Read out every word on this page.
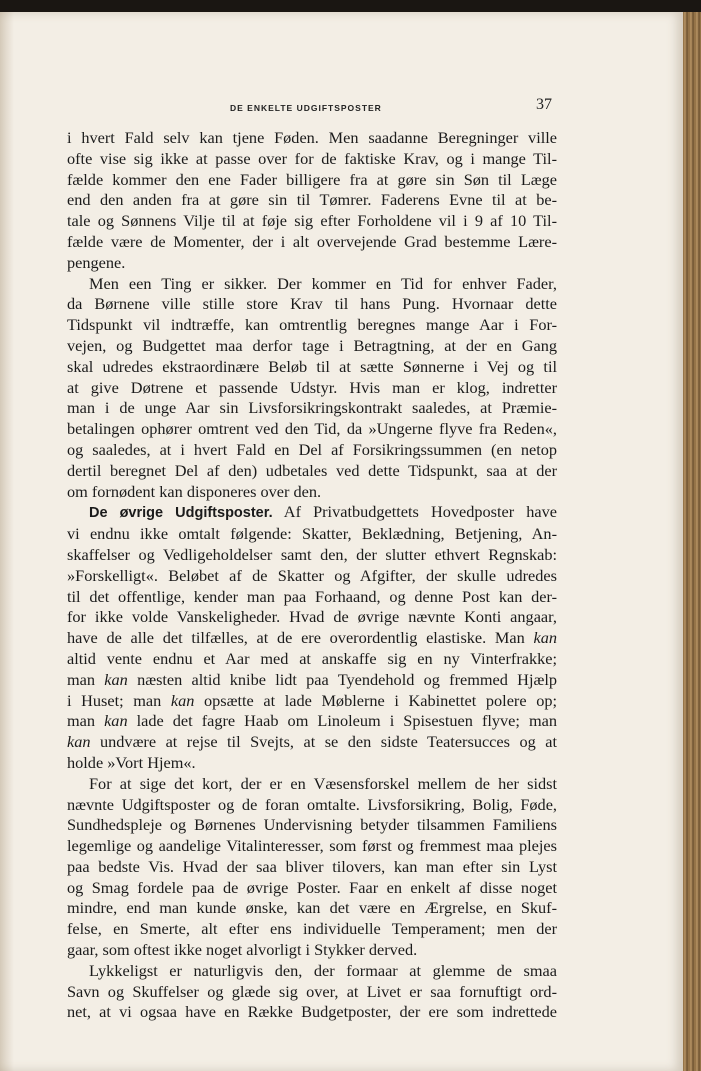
DE ENKELTE UDGIFTSPOSTER	37

i hvert Fald selv kan tjene Føden. Men saadanne Beregninger ville
ofte vise sig ikke at passe over for de faktiske Krav, og i mange Til-
fælde kommer den ene Fader billigere fra at gøre sin Søn til Læge
end den anden fra at gøre sin til Tømrer. Faderens Evne til at be-
tale og Sønnens Vilje til at føje sig efter Forholdene vil i 9 af 10 Til-
fælde være de Momenter, der i alt overvejende Grad bestemme Lære-
pengene.

Men een Ting er sikker. Der kommer en Tid for enhver Fader,
da Børnene ville stille store Krav til hans Pung. Hvornaar dette
Tidspunkt vil indtræffe, kan omtrentlig beregnes mange Aar i For-
vejen, og Budgettet maa derfor tage i Betragtning, at der en Gang
skal udredes ekstraordinære Beløb til at sætte Sønnerne i Vej og til
at give Døtrene et passende Udstyr. Hvis man er klog, indretter
man i de unge Aar sin Livsforsikringskontrakt saaledes, at Præmie-
betalingen ophører omtrent ved den Tid, da »Ungerne flyve fra Reden«,
og saaledes, at i hvert Fald en Del af Forsikringssummen (en netop
dertil beregnet Del af den) udbetales ved dette Tidspunkt, saa at der
om fornødent kan disponeres over den.

De øvrige Udgiftsposter. Af Privatbudgettets Hovedposter have
vi endnu ikke omtalt følgende: Skatter, Beklædning, Betjening, An-
skaffelser og Vedligeholdelser samt den, der slutter ethvert Regnskab:
»Forskelligt«. Beløbet af de Skatter og Afgifter, der skulle udredes
til det offentlige, kender man paa Forhaand, og denne Post kan der-
for ikke volde Vanskeligheder. Hvad de øvrige nævnte Konti angaar,
have de alle det tilfælles, at de ere overordentlig elastiske. Man kan
altid vente endnu et Aar med at anskaffe sig en ny Vinterfrakke;
man kan næsten altid knibe lidt paa Tyendehold og fremmed Hjælp
i Huset; man kan opsætte at lade Møblerne i Kabinettet polere op;
man kan lade det fagre Haab om Linoleum i Spisestuen flyve; man
kan undvære at rejse til Svejts, at se den sidste Teatersucces og at
holde »Vort Hjem«.

For at sige det kort, der er en Væsensforskel mellem de her sidst
nævnte Udgiftsposter og de foran omtalte. Livsforsikring, Bolig, Føde,
Sundhedspleje og Børnenes Undervisning betyder tilsammen Familiens
legemlige og aandelige Vitalinteresser, som først og fremmest maa plejes
paa bedste Vis. Hvad der saa bliver tilovers, kan man efter sin Lyst
og Smag fordele paa de øvrige Poster. Faar en enkelt af disse noget
mindre, end man kunde ønske, kan det være en Ærgrelse, en Skuf-
felse, en Smerte, alt efter ens individuelle Temperament; men der
gaar, som oftest ikke noget alvorligt i Stykker derved.

Lykkeligst er naturligvis den, der formaar at glemme de smaa
Savn og Skuffelser og glæde sig over, at Livet er saa fornuftigt ord-
net, at vi ogsaa have en Række Budgetposter, der ere som indrettede
